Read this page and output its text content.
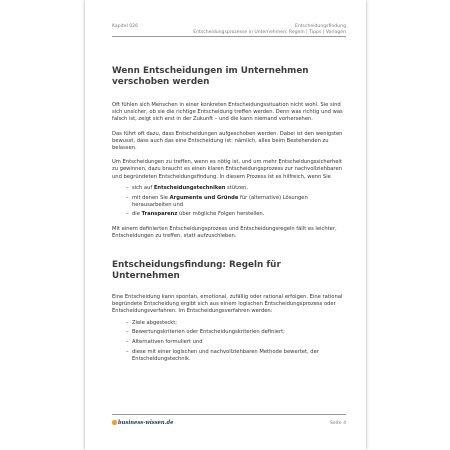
Kapitel 026	Entscheidungsfindung
Entscheidungsprozesse in Unternehmen: Regeln | Tipps | Vorlagen
Wenn Entscheidungen im Unternehmen verschoben werden

Oft fühlen sich Menschen in einer konkreten Entscheidungssituation nicht wohl. Sie sind sich unsicher, ob sie die richtige Entscheidung treffen werden. Denn was richtig und was falsch ist, zeigt sich erst in der Zukunft – und die kann niemand vorhersehen.

Das führt oft dazu, dass Entscheidungen aufgeschoben werden. Dabei ist den wenigsten bewusst, dass auch das eine Entscheidung ist: nämlich, alles beim Bestehenden zu belassen.

Um Entscheidungen zu treffen, wenn es nötig ist, und um mehr Entscheidungssicherheit zu gewinnen, dazu braucht es einen klaren Entscheidungsprozess zur nachvollziehbaren und begründeten Entscheidungsfindung. In diesem Prozess ist es hilfreich, wenn Sie

– sich auf Entscheidungstechniken stützen,
– mit denen Sie Argumente und Gründe für (alternative) Lösungen herausarbeiten und
– die Transparenz über mögliche Folgen herstellen.

Mit einem definierten Entscheidungsprozess und Entscheidungsregeln fällt es leichter, Entscheidungen zu treffen, statt aufzuschieben.

Entscheidungsfindung: Regeln für Unternehmen

Eine Entscheidung kann spontan, emotional, zufällig oder rational erfolgen. Eine rational begründete Entscheidung ergibt sich aus einem logischen Entscheidungsprozess oder Entscheidungsverfahren. Im Entscheidungsverfahren werden:

– Ziele abgesteckt;
– Bewertungskriterien oder Entscheidungskriterien definiert;
– Alternativen formuliert und
– diese mit einer logischen und nachvollziehbaren Methode bewertet, der Entscheidungstechnik.
business-wissen.de	Seite 4
